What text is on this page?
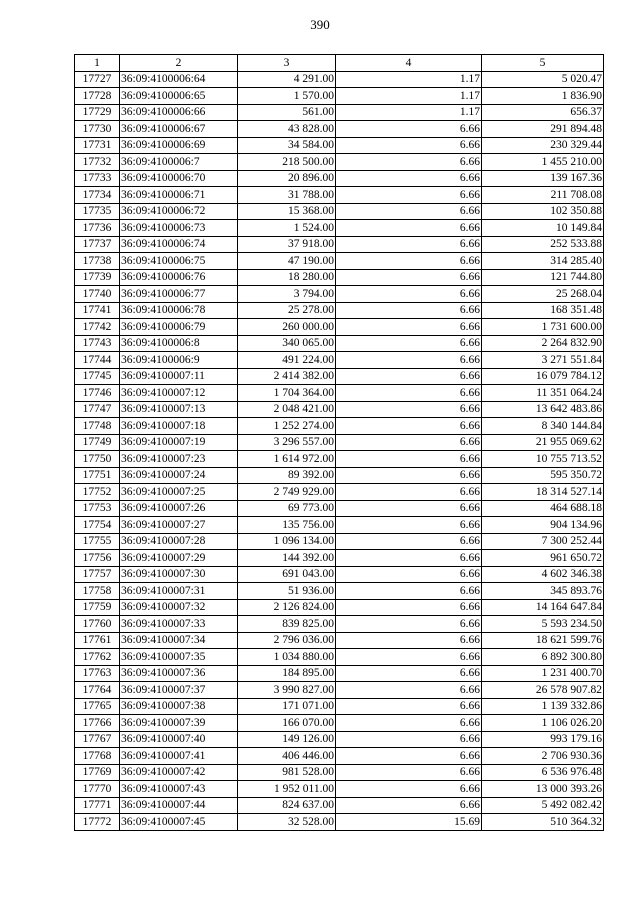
390
1	2	3	4	5
17727	36:09:4100006:64	4 291.00	1.17	5 020.47
17728	36:09:4100006:65	1 570.00	1.17	1 836.90
17729	36:09:4100006:66	561.00	1.17	656.37
17730	36:09:4100006:67	43 828.00	6.66	291 894.48
17731	36:09:4100006:69	34 584.00	6.66	230 329.44
17732	36:09:4100006:7	218 500.00	6.66	1 455 210.00
17733	36:09:4100006:70	20 896.00	6.66	139 167.36
17734	36:09:4100006:71	31 788.00	6.66	211 708.08
17735	36:09:4100006:72	15 368.00	6.66	102 350.88
17736	36:09:4100006:73	1 524.00	6.66	10 149.84
17737	36:09:4100006:74	37 918.00	6.66	252 533.88
17738	36:09:4100006:75	47 190.00	6.66	314 285.40
17739	36:09:4100006:76	18 280.00	6.66	121 744.80
17740	36:09:4100006:77	3 794.00	6.66	25 268.04
17741	36:09:4100006:78	25 278.00	6.66	168 351.48
17742	36:09:4100006:79	260 000.00	6.66	1 731 600.00
17743	36:09:4100006:8	340 065.00	6.66	2 264 832.90
17744	36:09:4100006:9	491 224.00	6.66	3 271 551.84
17745	36:09:4100007:11	2 414 382.00	6.66	16 079 784.12
17746	36:09:4100007:12	1 704 364.00	6.66	11 351 064.24
17747	36:09:4100007:13	2 048 421.00	6.66	13 642 483.86
17748	36:09:4100007:18	1 252 274.00	6.66	8 340 144.84
17749	36:09:4100007:19	3 296 557.00	6.66	21 955 069.62
17750	36:09:4100007:23	1 614 972.00	6.66	10 755 713.52
17751	36:09:4100007:24	89 392.00	6.66	595 350.72
17752	36:09:4100007:25	2 749 929.00	6.66	18 314 527.14
17753	36:09:4100007:26	69 773.00	6.66	464 688.18
17754	36:09:4100007:27	135 756.00	6.66	904 134.96
17755	36:09:4100007:28	1 096 134.00	6.66	7 300 252.44
17756	36:09:4100007:29	144 392.00	6.66	961 650.72
17757	36:09:4100007:30	691 043.00	6.66	4 602 346.38
17758	36:09:4100007:31	51 936.00	6.66	345 893.76
17759	36:09:4100007:32	2 126 824.00	6.66	14 164 647.84
17760	36:09:4100007:33	839 825.00	6.66	5 593 234.50
17761	36:09:4100007:34	2 796 036.00	6.66	18 621 599.76
17762	36:09:4100007:35	1 034 880.00	6.66	6 892 300.80
17763	36:09:4100007:36	184 895.00	6.66	1 231 400.70
17764	36:09:4100007:37	3 990 827.00	6.66	26 578 907.82
17765	36:09:4100007:38	171 071.00	6.66	1 139 332.86
17766	36:09:4100007:39	166 070.00	6.66	1 106 026.20
17767	36:09:4100007:40	149 126.00	6.66	993 179.16
17768	36:09:4100007:41	406 446.00	6.66	2 706 930.36
17769	36:09:4100007:42	981 528.00	6.66	6 536 976.48
17770	36:09:4100007:43	1 952 011.00	6.66	13 000 393.26
17771	36:09:4100007:44	824 637.00	6.66	5 492 082.42
17772	36:09:4100007:45	32 528.00	15.69	510 364.32
